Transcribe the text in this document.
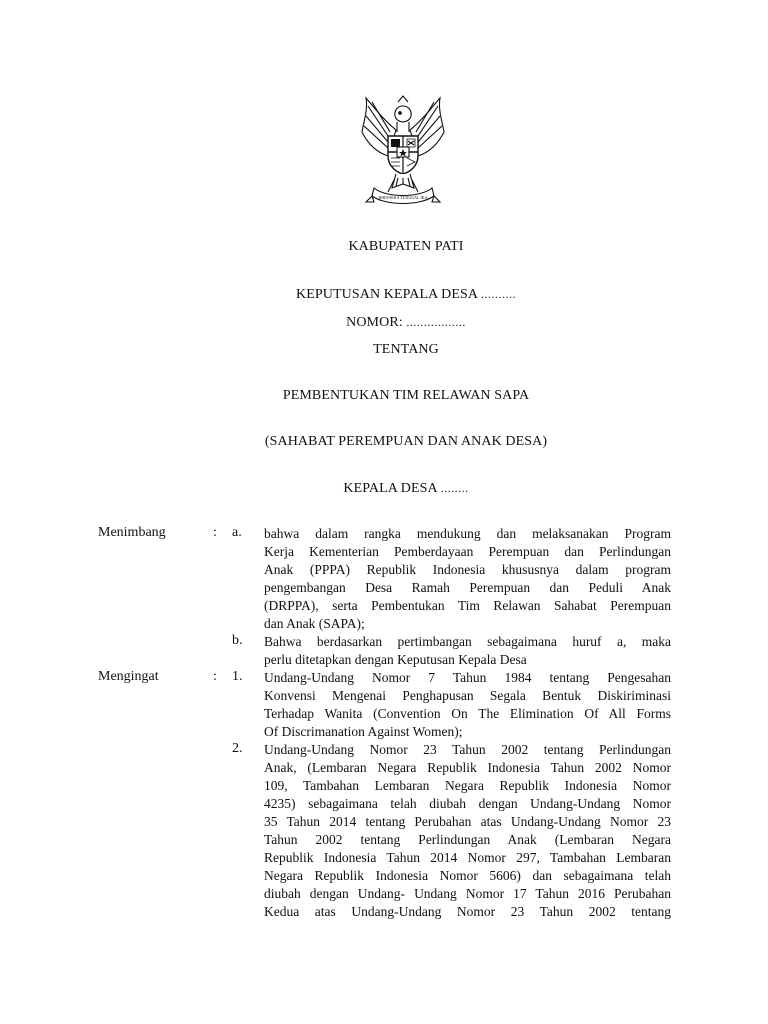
BHINNEKA TUNGGAL IKA
KABUPATEN PATI
KEPUTUSAN KEPALA DESA ..........
NOMOR: .................
TENTANG
PEMBENTUKAN TIM RELAWAN SAPA
(SAHABAT PEREMPUAN DAN ANAK DESA)
KEPALA DESA ........
Menimbang	: a.	bahwa dalam rangka mendukung dan melaksanakan Program
Kerja Kementerian Pemberdayaan Perempuan dan Perlindungan
Anak (PPPA) Republik Indonesia khususnya dalam program
pengembangan Desa Ramah Perempuan dan Peduli Anak
(DRPPA), serta Pembentukan Tim Relawan Sahabat Perempuan
dan Anak (SAPA);
b.	Bahwa berdasarkan pertimbangan sebagaimana huruf a, maka
perlu ditetapkan dengan Keputusan Kepala Desa
Mengingat	: 1.	Undang-Undang Nomor 7 Tahun 1984 tentang Pengesahan
Konvensi Mengenai Penghapusan Segala Bentuk Diskiriminasi
Terhadap Wanita (Convention On The Elimination Of All Forms
Of Discrimanation Against Women);
2.	Undang-Undang Nomor 23 Tahun 2002 tentang Perlindungan
Anak, (Lembaran Negara Republik Indonesia Tahun 2002 Nomor
109, Tambahan Lembaran Negara Republik Indonesia Nomor
4235) sebagaimana telah diubah dengan Undang-Undang Nomor
35 Tahun 2014 tentang Perubahan atas Undang-Undang Nomor 23
Tahun 2002 tentang Perlindungan Anak (Lembaran Negara
Republik Indonesia Tahun 2014 Nomor 297, Tambahan Lembaran
Negara Republik Indonesia Nomor 5606) dan sebagaimana telah
diubah dengan Undang- Undang Nomor 17 Tahun 2016 Perubahan
Kedua atas Undang-Undang Nomor 23 Tahun 2002 tentang
